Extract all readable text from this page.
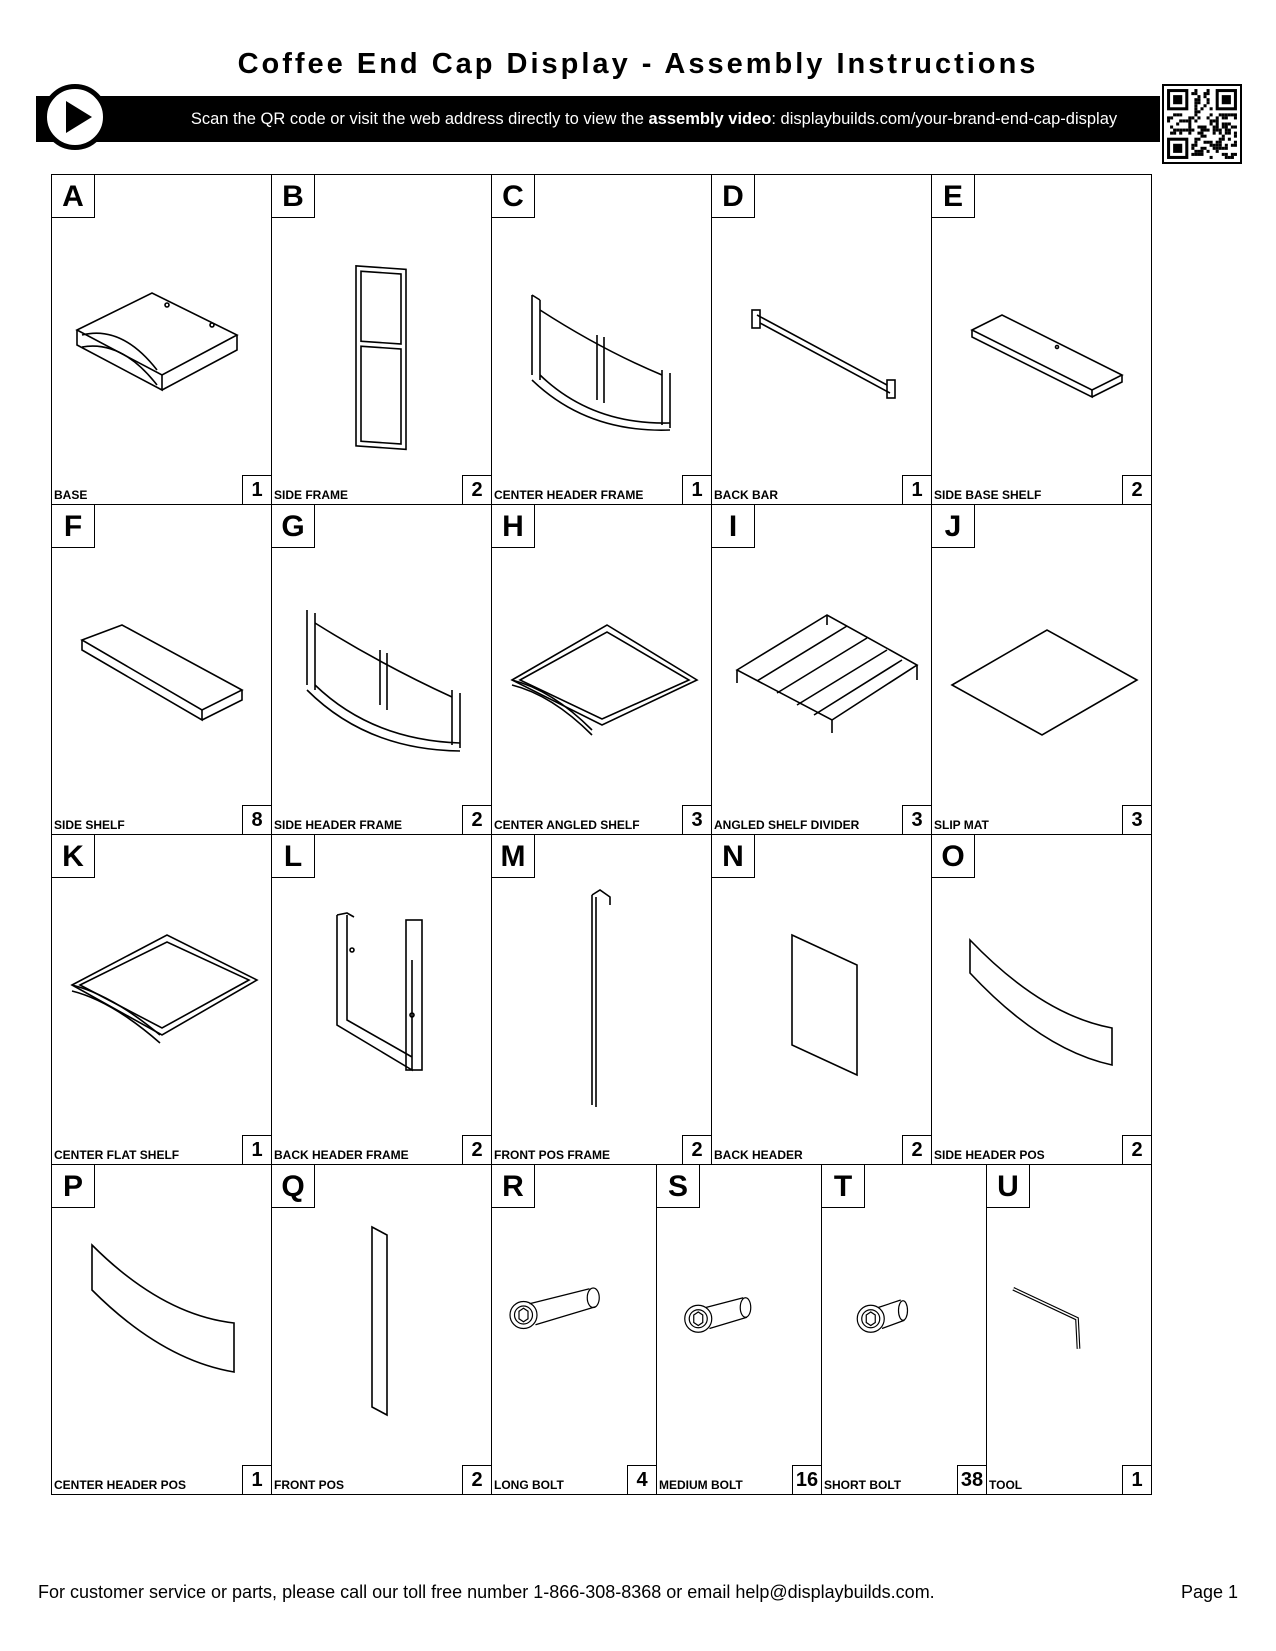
Coffee End Cap Display - Assembly Instructions
Scan the QR code or visit the web address directly to view the assembly video: displaybuilds.com/your-brand-end-cap-display
A
BASE	1
B
SIDE FRAME	2
C
CENTER HEADER FRAME	1
D
BACK BAR	1
E
SIDE BASE SHELF	2
F
SIDE SHELF	8
G
SIDE HEADER FRAME	2
H
CENTER ANGLED SHELF	3
I
ANGLED SHELF DIVIDER	3
J
SLIP MAT	3
K
CENTER FLAT SHELF	1
L
BACK HEADER FRAME	2
M
FRONT POS FRAME	2
N
BACK HEADER	2
O
SIDE HEADER POS	2
P
CENTER HEADER POS	1
Q
FRONT POS	2
R
LONG BOLT	4
S
MEDIUM BOLT	16
T
SHORT BOLT	38
U
TOOL	1
For customer service or parts, please call our toll free number 1-866-308-8368 or email help@displaybuilds.com.	Page 1
